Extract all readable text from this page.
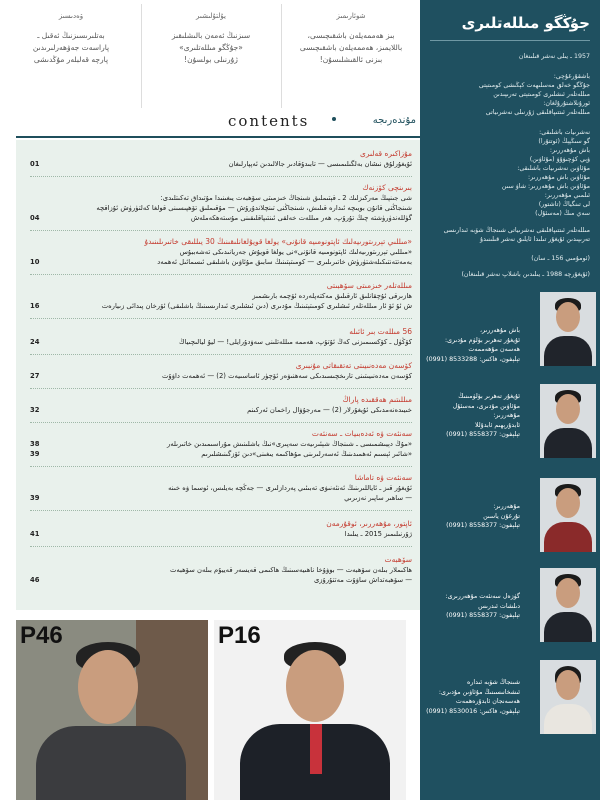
ۋەدىسىز
بەتلىرىسىزنىڭ ئەقىل ـ
پاراسەت جەۋھەرلىرىدىن
پارچە قەلبلەر مۇڭدىشى
يۇلتۇلىشىر
سىزنىڭ ئەمەن بالىشلىقىز
«جۇڭگو مىللەتلىرى»
ژۇرنىلى بولسۇن!
شوئارىمىز
بىز ھەممەيلەن باشقىچىسى،
باللايمىز، ھەممەيلەن باشقىچىسى
بىزنى ئالقىشلىسۇن!
contents	مۇندەرىجە
مۇزاكىرە قەلىرى
ئۇيغۇرلۇق نىشان بەلگىلىمىسى — تابىدۇقادىر جالالىدىن ئەپپارلىغان
01
بىرىنچى كۆزنەك
شى جىنپىڭ مەركىزلىك 2 ـ قېتىملىق شىنجاڭ خىزمىتى سۆھبەت يىغىنىدا مۇتىداق تەكىتلىدى:
شىنجاڭنى قانۇن بويىچە ئىدارە قىلىش، شىنجاڭنى تىنچلاندۇرۇش — مۇقىملىق تۆھپىسىنى قولغا كەلتۈرۈش ئۇزاقچە
گۈللەندۈرۈشتە چىڭ تۇرۇپ، ھەر مىللەت خەلقى ئىنتىپاقلىقىنى مۇستەھكەملەش
04
«مىللىي تېررىتورىيەلىك ئاپتونومىيە قانۇنى» يولغا قويۇلغانلىقىنىڭ 30 يىللىقى خاتىرىلىنىدۇ
«مىللىي تېررىتورىيەلىك ئاپتونومىيە قانۇنى»نى يولغا قويۇش جەريانىدىكى تەشەببۇس
بەمەتتەنتىكىلەشتۈرۈش خاتىرىلىرى — كومىتېتىنىڭ سابىق مۇئاۋىن باشلىقى ئىسمائىل ئەھمەد
10
مىللەتلەر خىزمىتى سۆھبىتى
ھازىرقى ئۇچقانلىق ئارقىلىق مەكتەپلەردە ئۆچمە بارىشمىز
ش ئۇ ئۆ ئار مىللەتلەر ئىشلىرى كومىتېتىنىڭ مۇدىرى (دىن ئىشلىرى ئىدارىسىنىڭ باشلىقى) ئۆرخان پىدائى زىيارەت
16
56 مىللەت بىر ئائىلە
كۆڭۈل ـ كۆكسىمىزنى كەڭ ئۇتۇپ، ھەممە مىللەتلىنى سەۋدۇرايلى! — ليۇ ليالىچىياڭ
24
كۆسەن مەدەنىيىتى تەتقىقاتى مۇنبىرى
كۆسەن مەدەنىيىتىنى تارىخچىسىدىكى سەھنىۋەر ئۆچۈر ئاساسىيەت (2) — ئەھمەت داۋۇت
27
مىللىتىم ھەققىدە پاراڭ
خىيىدەنەمدىكى ئۇيغۇرلار (2) — مەرجۇۋال راخمان ئەركىنم
32
سەنئەت ۋە ئەدەبىيات ـ سەنئەت
«مۇڭ دېيىشمىسى ـ شىنجاڭ شېئىرىيەت سەپىرى»نىڭ باشلىنىش مۇراسىمىدىن خاتىرىلەر
38
«شائىر ئېسىم ئەھمىدىنىڭ ئەسەرلىرىنى مۇھاكىمە يىغىنى»دىن ئۆزگىنىشلىرىم
39
سەنئەت ۋە تاماشا
ئۇيغۇر قىز ـ ئاياللىرىنىڭ ئەنئەنىۋى تەبىئىي پەردازلىرى — جەڭچە بەيلىس، ئوسما ۋە خىنە
— ساھىر ساپىر نەزىرىي
39
ئاپتور، مۇھەررىر، ئوقۇرمەن
ژۇرنىلىمىز 2015 ـ يىلىدا
41
سۆھبەت
ھاكىملار بىلەن سۆھبەت — بوۋۇخا ناھىيەسىنىڭ ھاكىمى قەيسەر قەييۇم بىلەن سۆھبەت
— سۆھبەتداش ساۋۇت مەتتۇرۇزى
46
P46	P16
جۇڭگو مىللەتلىرى
1957 ـ يىلى نەشر قىلىنغان
باشقۇرغۇچى:
جۇڭگو خەلق مەسلىھەت كېڭىشى كومىتېتى
مىللەتلەر ئىشلىرى كومىتېتى تەرىپىدىن
ئورۇنلاشتۇرۇلغان:
مىللەتلەر ئىتتىپاقلىقى ژۇرنىلى نەشرىياتى
نەشرىيات باشلىقى:
گو سىڭپېڭ (ئوتتۇرا)
باش مۇھەررىر:
ۋېي كۈچىۋۇۋ (مۇئاۋىن)
مۇئاۋىن نەشرىيات باشلىقى:
مۇئاۋىن باش مۇھەررىر:
مۇئاۋىن باش مۇھەررىر: شاۋ سىن
ئىلمىي مۇھەررىر:
لى تىنگياڭ (تاشتور)
سەي مىڭ (مەسئۇل)
مىللەتلەر ئىتتىپاقلىقى نەشرىياتى شىنجاڭ شۆبە ئىدارىسى تەرىپىدىن ئۇيغۇر تىلىدا ئايلىق نەشر قىلىنىدۇ
(ئومۇمىي 156 ـ سان)
(ئۇيغۇرچە 1988 ـ يىلىدىن باشلاپ نەشر قىلىنغان)
باش مۇھەررىر،
ئۇيغۇر تەھرىر بۆلۈم مۇدىرى:
ھەسەن مۇھەممەت
تېلېفون، فاكس: 8533288 (0991)
ئۇيغۇر تەھرىر بۆلۈمىنىڭ
مۇئاۋىن مۇدىرى، مەسئۇل
مۇھەررىر:
ئابدۇرېھىم ئابدۇللا
تېلېفون: 8558377 (0991)
مۇھەررىر:
تۇرغۇن ياسىن
تېلېفون: 8558377 (0991)
گۈزەل سەنئەت مۇھەررىرى:
دىلشات ئىدرىس
تېلېفون: 8558377 (0991)
شىنجاڭ شۆبە ئىدارە
ئىشخانىسىنىڭ مۇئاۋىن مۇدىرى:
ھەسەنجان ئابدۇرەھمەت
تېلېفون، فاكس: 8530016 (0991)
